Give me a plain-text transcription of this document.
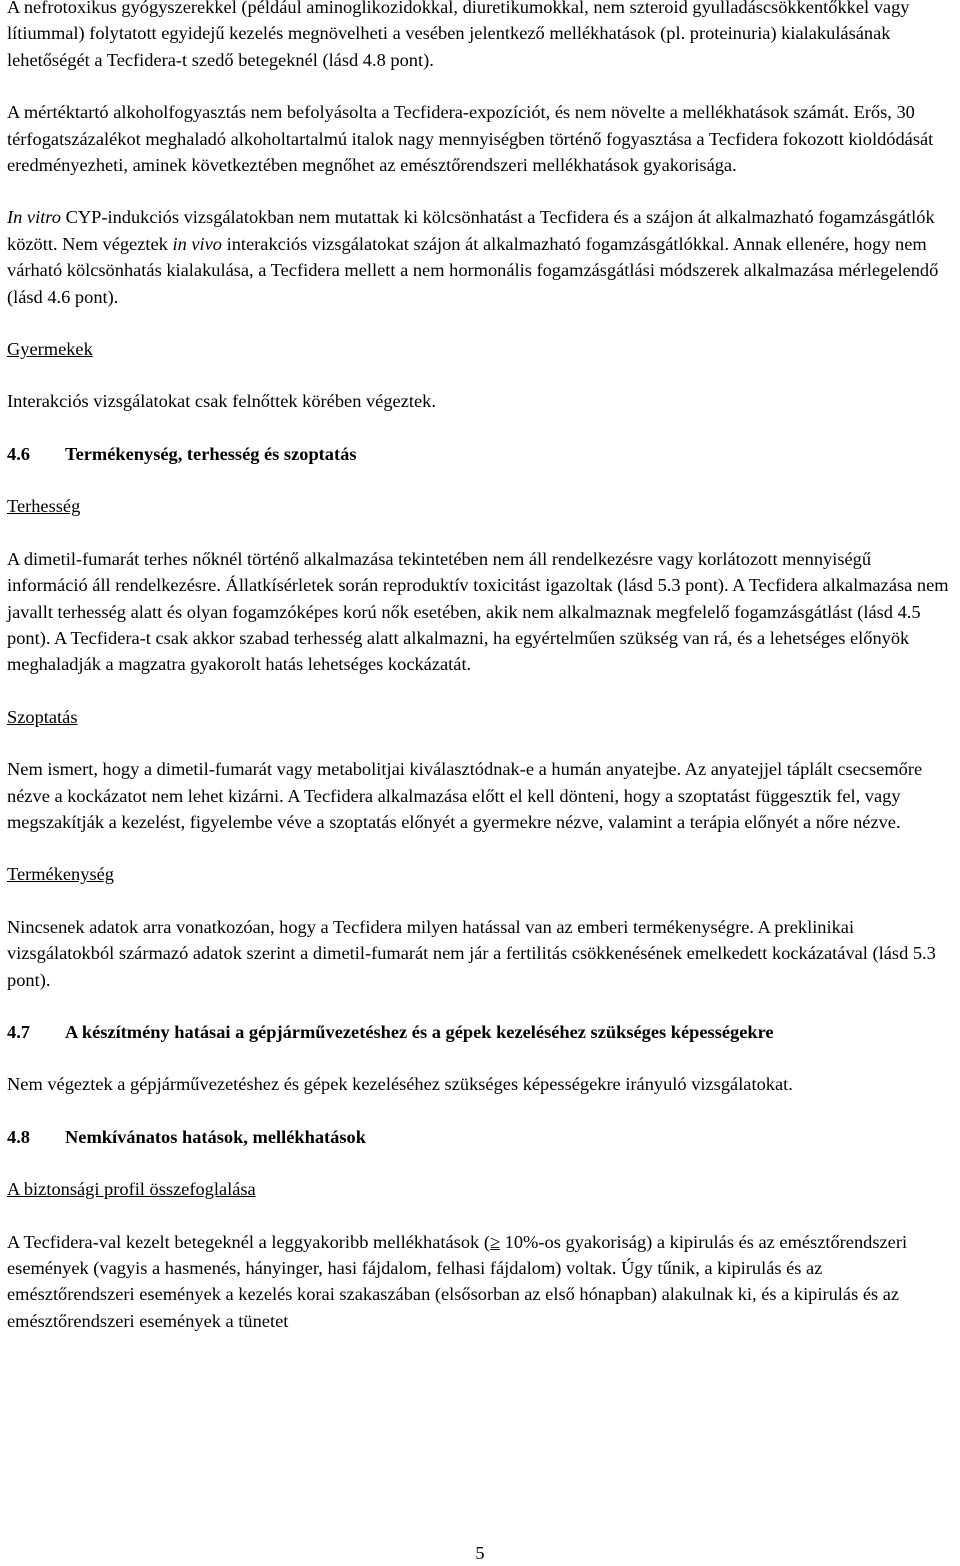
A nefrotoxikus gyógyszerekkel (például aminoglikozidokkal, diuretikumokkal, nem szteroid gyulladáscsökkentőkkel vagy lítiummal) folytatott egyidejű kezelés megnövelheti a vesében jelentkező mellékhatások (pl. proteinuria) kialakulásának lehetőségét a Tecfidera-t szedő betegeknél (lásd 4.8 pont).

A mértéktartó alkoholfogyasztás nem befolyásolta a Tecfidera-expozíciót, és nem növelte a mellékhatások számát. Erős, 30 térfogatszázalékot meghaladó alkoholtartalmú italok nagy mennyiségben történő fogyasztása a Tecfidera fokozott kioldódását eredményezheti, aminek következtében megnőhet az emésztőrendszeri mellékhatások gyakorisága.

In vitro CYP-indukciós vizsgálatokban nem mutattak ki kölcsönhatást a Tecfidera és a szájon át alkalmazható fogamzásgátlók között. Nem végeztek in vivo interakciós vizsgálatokat szájon át alkalmazható fogamzásgátlókkal. Annak ellenére, hogy nem várható kölcsönhatás kialakulása, a Tecfidera mellett a nem hormonális fogamzásgátlási módszerek alkalmazása mérlegelendő (lásd 4.6 pont).

Gyermekek

Interakciós vizsgálatokat csak felnőttek körében végeztek.

4.6	Termékenység, terhesség és szoptatás

Terhesség

A dimetil-fumarát terhes nőknél történő alkalmazása tekintetében nem áll rendelkezésre vagy korlátozott mennyiségű információ áll rendelkezésre. Állatkísérletek során reproduktív toxicitást igazoltak (lásd 5.3 pont). A Tecfidera alkalmazása nem javallt terhesség alatt és olyan fogamzóképes korú nők esetében, akik nem alkalmaznak megfelelő fogamzásgátlást (lásd 4.5 pont). A Tecfidera-t csak akkor szabad terhesség alatt alkalmazni, ha egyértelműen szükség van rá, és a lehetséges előnyök meghaladják a magzatra gyakorolt hatás lehetséges kockázatát.

Szoptatás

Nem ismert, hogy a dimetil-fumarát vagy metabolitjai kiválasztódnak-e a humán anyatejbe. Az anyatejjel táplált csecsemőre nézve a kockázatot nem lehet kizárni. A Tecfidera alkalmazása előtt el kell dönteni, hogy a szoptatást függesztik fel, vagy megszakítják a kezelést, figyelembe véve a szoptatás előnyét a gyermekre nézve, valamint a terápia előnyét a nőre nézve.

Termékenység

Nincsenek adatok arra vonatkozóan, hogy a Tecfidera milyen hatással van az emberi termékenységre. A preklinikai vizsgálatokból származó adatok szerint a dimetil-fumarát nem jár a fertilitás csökkenésének emelkedett kockázatával (lásd 5.3 pont).

4.7	A készítmény hatásai a gépjárművezetéshez és a gépek kezeléséhez szükséges képességekre

Nem végeztek a gépjárművezetéshez és gépek kezeléséhez szükséges képességekre irányuló vizsgálatokat.

4.8	Nemkívánatos hatások, mellékhatások

A biztonsági profil összefoglalása

A Tecfidera-val kezelt betegeknél a leggyakoribb mellékhatások (≥ 10%-os gyakoriság) a kipirulás és az emésztőrendszeri események (vagyis a hasmenés, hányinger, hasi fájdalom, felhasi fájdalom) voltak. Úgy tűnik, a kipirulás és az emésztőrendszeri események a kezelés korai szakaszában (elsősorban az első hónapban) alakulnak ki, és a kipirulás és az emésztőrendszeri események a tünetet

5
